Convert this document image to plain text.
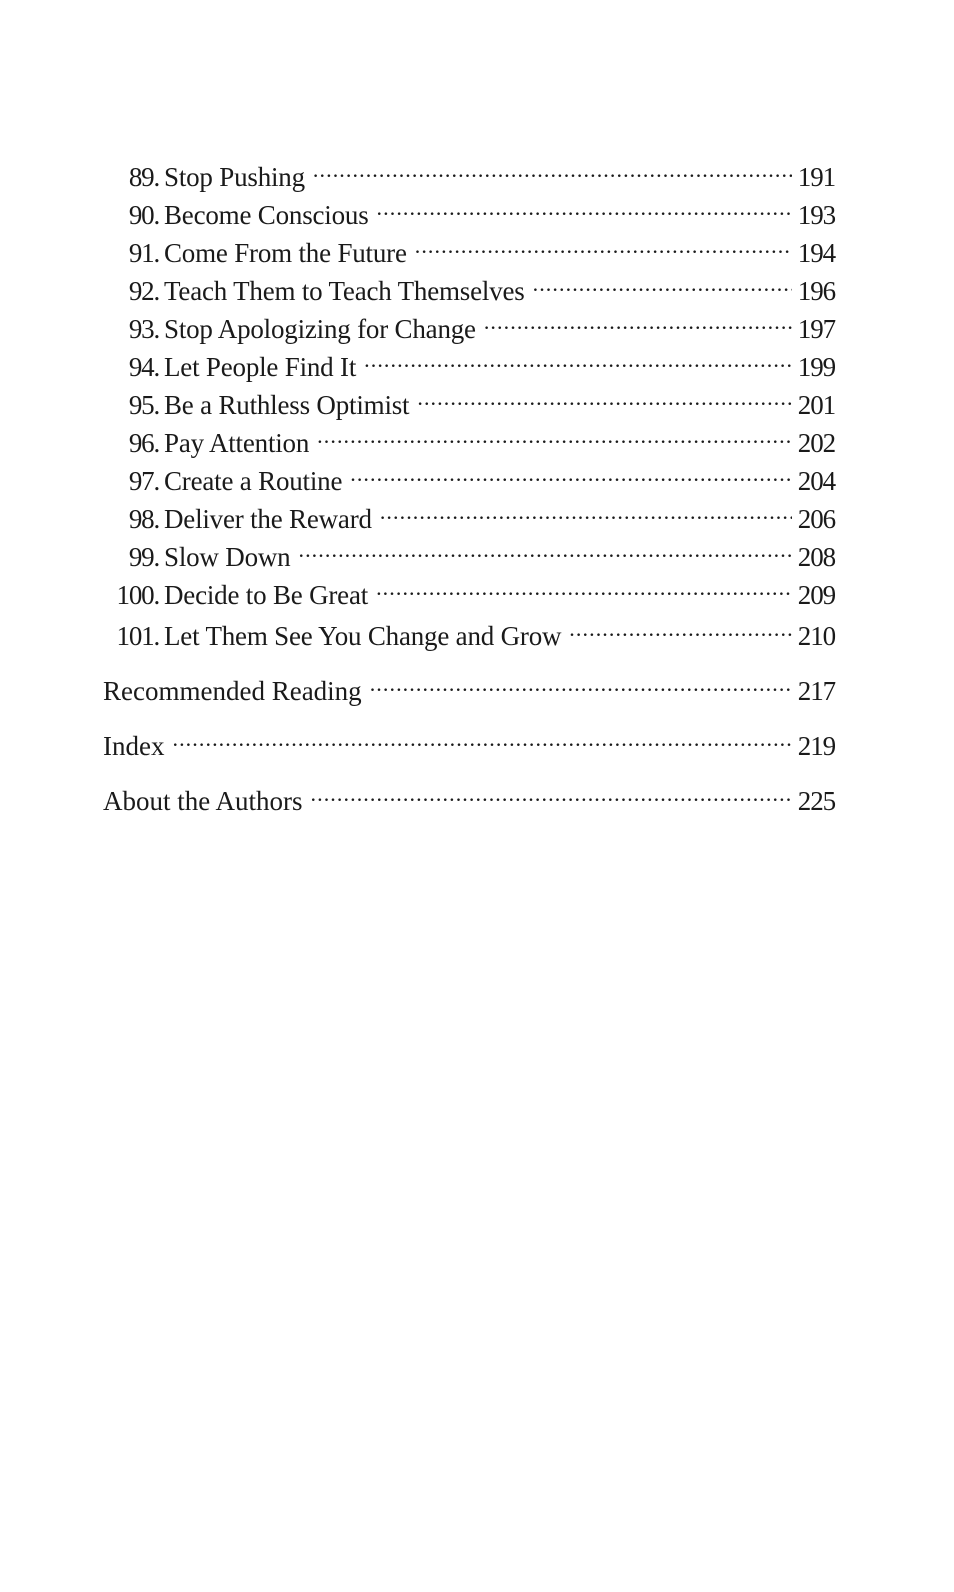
89. Stop Pushing .....	191
90. Become Conscious .....	193
91. Come From the Future .....	194
92. Teach Them to Teach Themselves .....	196
93. Stop Apologizing for Change .....	197
94. Let People Find It .....	199
95. Be a Ruthless Optimist .....	201
96. Pay Attention .....	202
97. Create a Routine .....	204
98. Deliver the Reward .....	206
99. Slow Down .....	208
100. Decide to Be Great .....	209
101. Let Them See You Change and Grow .....	210
Recommended Reading .....	217
Index .....	219
About the Authors .....	225
